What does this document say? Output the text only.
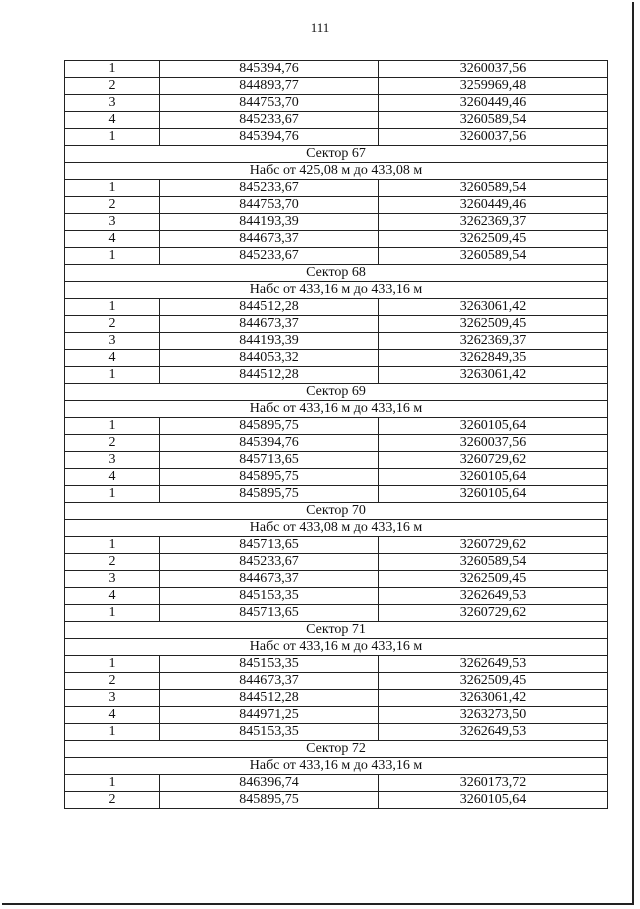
111
1	845394,76	3260037,56
2	844893,77	3259969,48
3	844753,70	3260449,46
4	845233,67	3260589,54
1	845394,76	3260037,56
Сектор 67		
Набс от 425,08 м до 433,08 м		
1	845233,67	3260589,54
2	844753,70	3260449,46
3	844193,39	3262369,37
4	844673,37	3262509,45
1	845233,67	3260589,54
Сектор 68		
Набс от 433,16 м до 433,16 м		
1	844512,28	3263061,42
2	844673,37	3262509,45
3	844193,39	3262369,37
4	844053,32	3262849,35
1	844512,28	3263061,42
Сектор 69		
Набс от 433,16 м до 433,16 м		
1	845895,75	3260105,64
2	845394,76	3260037,56
3	845713,65	3260729,62
4	845895,75	3260105,64
1	845895,75	3260105,64
Сектор 70		
Набс от 433,08 м до 433,16 м		
1	845713,65	3260729,62
2	845233,67	3260589,54
3	844673,37	3262509,45
4	845153,35	3262649,53
1	845713,65	3260729,62
Сектор 71		
Набс от 433,16 м до 433,16 м		
1	845153,35	3262649,53
2	844673,37	3262509,45
3	844512,28	3263061,42
4	844971,25	3263273,50
1	845153,35	3262649,53
Сектор 72		
Набс от 433,16 м до 433,16 м		
1	846396,74	3260173,72
2	845895,75	3260105,64
